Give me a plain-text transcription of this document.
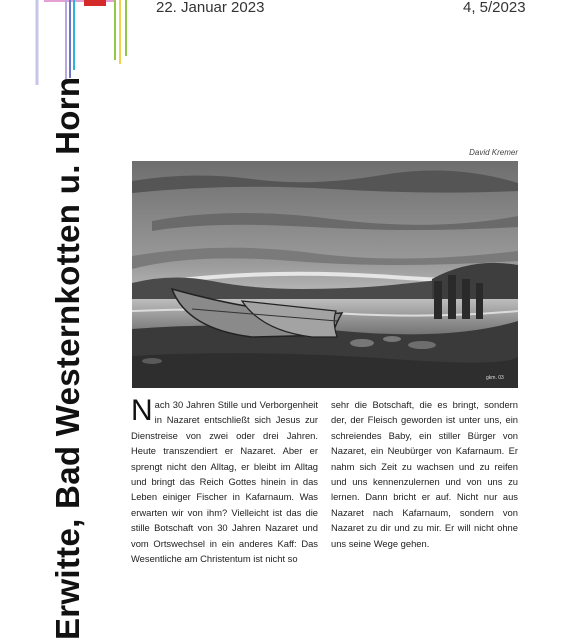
22. Januar 2023	4, 5/2023
Erwitte, Bad Westernkotten u. Horn	David Kremer
gkm. 03
Nach 30 Jahren Stille und Verborgenheit in Nazaret entschließt sich Jesus zur Dienstreise von zwei oder drei Jahren. Heute transzendiert er Nazaret. Aber er sprengt nicht den Alltag, er bleibt im Alltag und bringt das Reich Gottes hinein in das Leben einiger Fischer in Kafarnaum. Was erwarten wir von ihm? Vielleicht ist das die stille Botschaft von 30 Jahren Nazaret und vom Ortswechsel in ein anderes Kaff: Das Wesentliche am Christentum ist nicht so
sehr die Botschaft, die es bringt, sondern der, der Fleisch geworden ist unter uns, ein schreiendes Baby, ein stiller Bürger von Nazaret, ein Neubürger von Kafarnaum. Er nahm sich Zeit zu wachsen und zu reifen und uns kennenzulernen und von uns zu lernen. Dann bricht er auf. Nicht nur aus Nazaret nach Kafarnaum, sondern von Nazaret zu dir und zu mir. Er will nicht ohne uns seine Wege gehen.
